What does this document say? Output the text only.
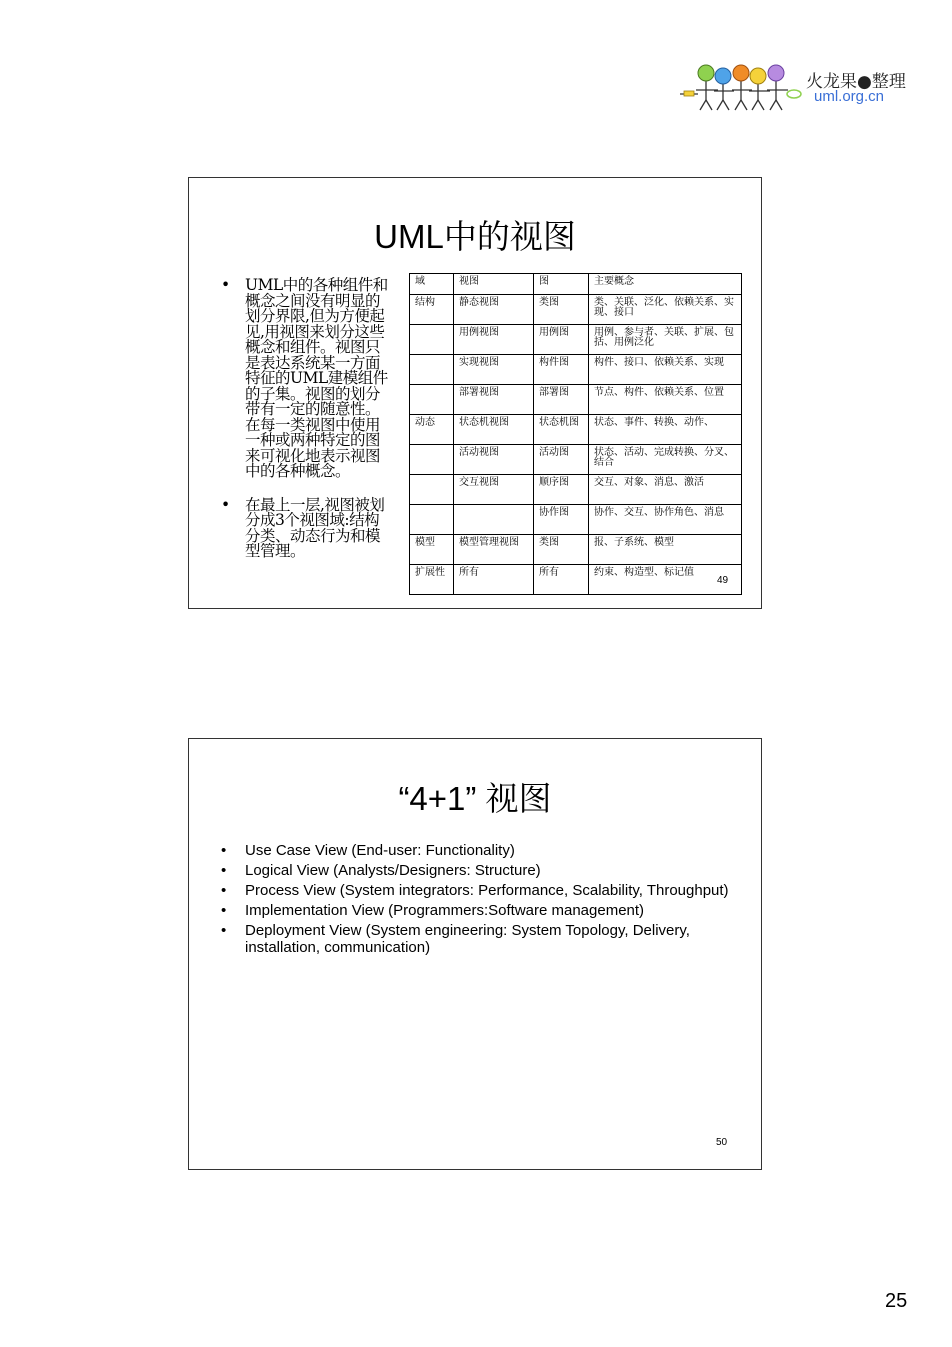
火龙果●整理
uml.org.cn
UML中的视图
• UML中的各种组件和概念之间没有明显的划分界限,但为方便起见,用视图来划分这些概念和组件。视图只是表达系统某一方面特征的UML建模组件的子集。视图的划分带有一定的随意性。在每一类视图中使用一种或两种特定的图来可视化地表示视图中的各种概念。
• 在最上一层,视图被划分成3个视图域:结构分类、动态行为和模型管理。
域	视图	图	主要概念
结构	静态视图	类图	类、关联、泛化、依赖关系、实现、接口
	用例视图	用例图	用例、参与者、关联、扩展、包括、用例泛化
	实现视图	构件图	构件、接口、依赖关系、实现
	部署视图	部署图	节点、构件、依赖关系、位置
动态	状态机视图	状态机图	状态、事件、转换、动作、
	活动视图	活动图	状态、活动、完成转换、分叉、结合
	交互视图	顺序图	交互、对象、消息、激活
		协作图	协作、交互、协作角色、消息
模型	模型管理视图	类图	报、子系统、模型
扩展性	所有	所有	约束、构造型、标记值
49
“4+1” 视图
• Use Case View (End-user: Functionality)
• Logical View (Analysts/Designers: Structure)
• Process View (System integrators: Performance, Scalability, Throughput)
• Implementation View (Programmers:Software management)
• Deployment View (System engineering: System Topology, Delivery, installation, communication)
50
25
